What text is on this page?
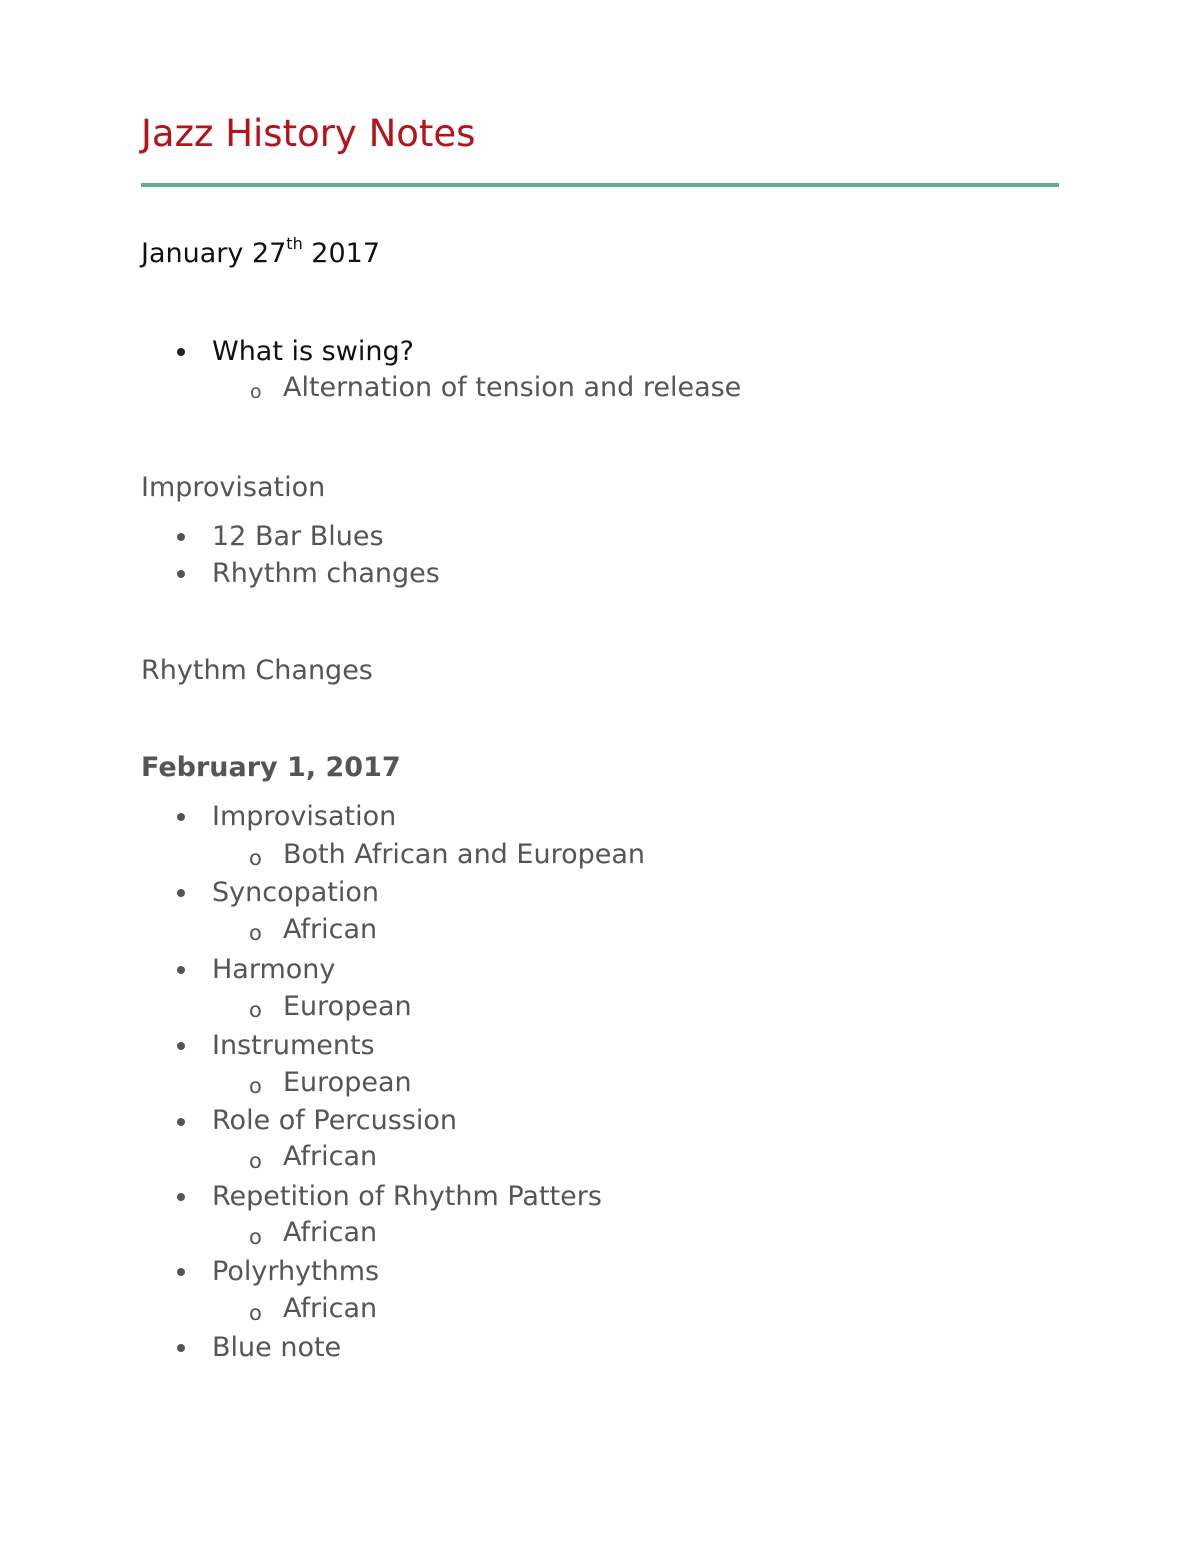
Jazz History Notes
January 27th 2017
What is swing?
o Alternation of tension and release
Improvisation
12 Bar Blues
Rhythm changes
Rhythm Changes
February 1, 2017
Improvisation
o Both African and European
Syncopation
o African
Harmony
o European
Instruments
o European
Role of Percussion
o African
Repetition of Rhythm Patters
o African
Polyrhythms
o African
Blue note
